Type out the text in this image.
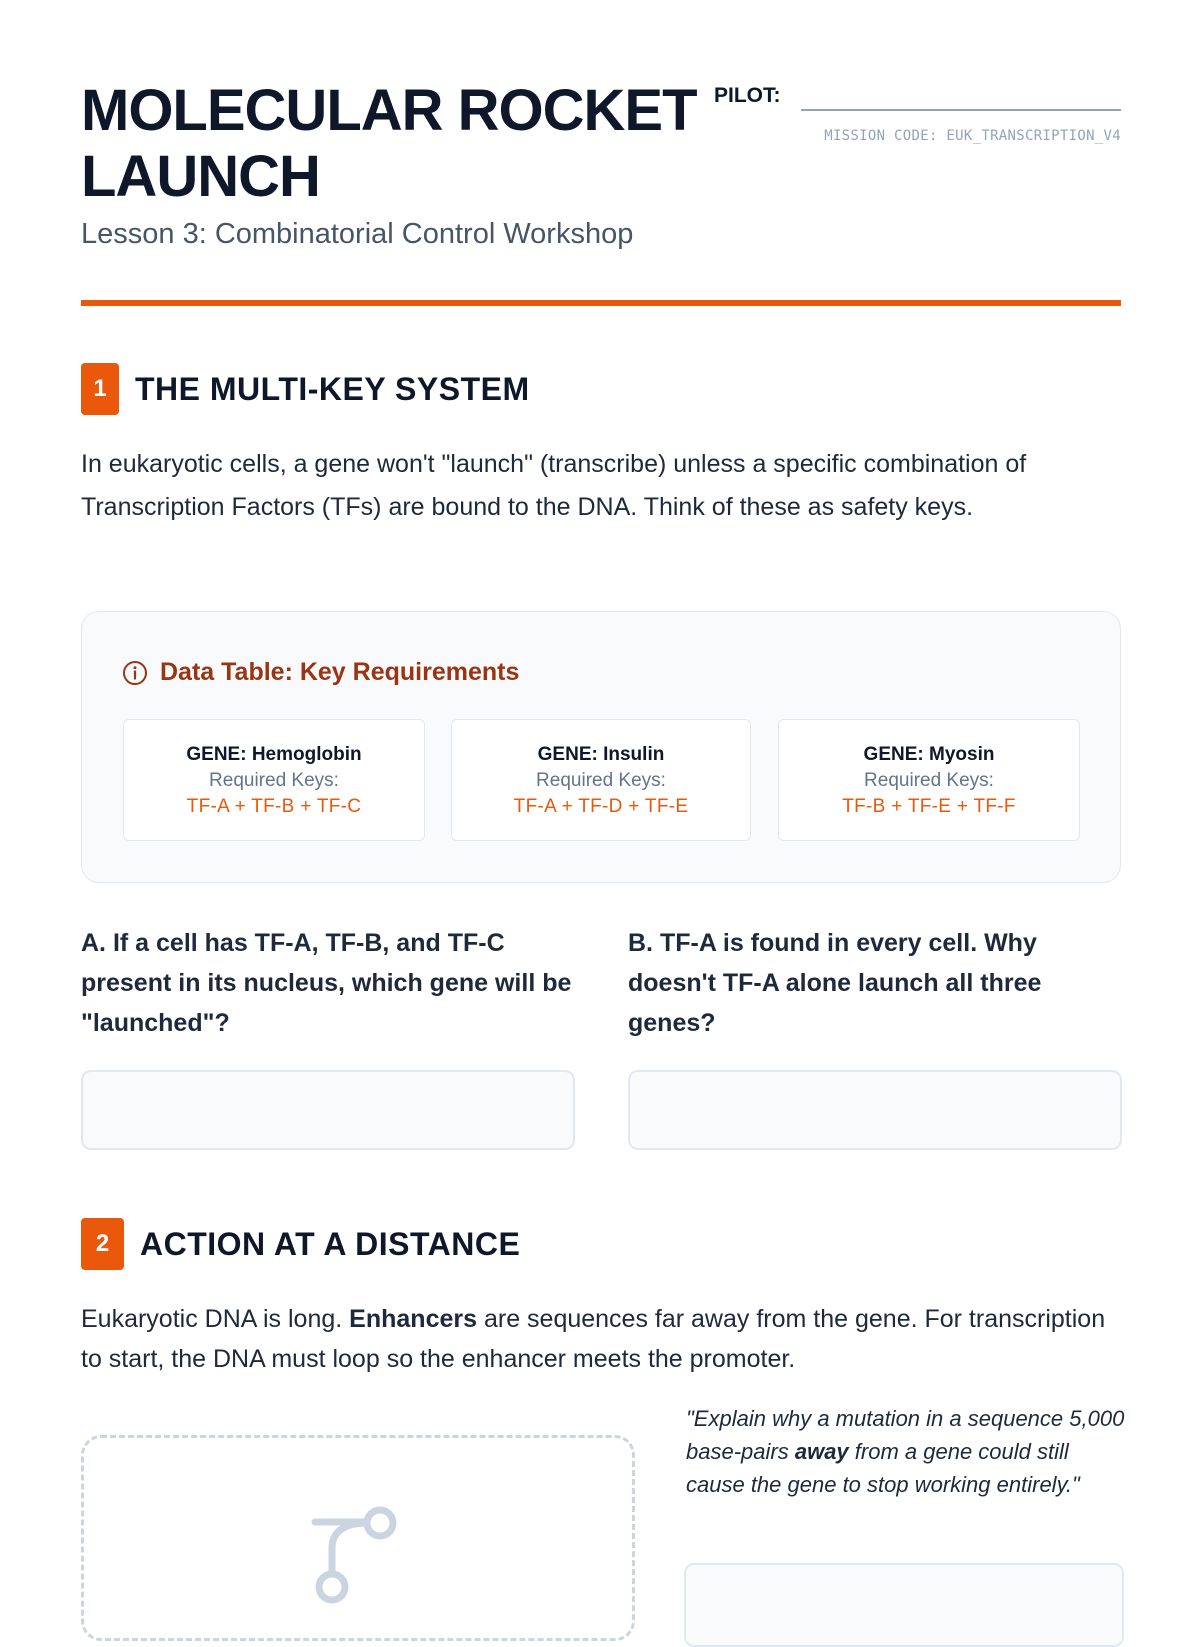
MOLECULAR ROCKET LAUNCH

Lesson 3: Combinatorial Control Workshop

PILOT:
MISSION CODE: EUK_TRANSCRIPTION_V4
1 THE MULTI-KEY SYSTEM

In eukaryotic cells, a gene won't "launch" (transcribe) unless a specific combination of Transcription Factors (TFs) are bound to the DNA. Think of these as safety keys.

Data Table: Key Requirements
GENE: Hemoglobin
Required Keys:
TF-A + TF-B + TF-C
GENE: Insulin
Required Keys:
TF-A + TF-D + TF-E
GENE: Myosin
Required Keys:
TF-B + TF-E + TF-F

A. If a cell has TF-A, TF-B, and TF-C present in its nucleus, which gene will be "launched"?

B. TF-A is found in every cell. Why doesn't TF-A alone launch all three genes?

2 ACTION AT A DISTANCE

Eukaryotic DNA is long. Enhancers are sequences far away from the gene. For transcription to start, the DNA must loop so the enhancer meets the promoter.

"Explain why a mutation in a sequence 5,000 base-pairs away from a gene could still cause the gene to stop working entirely."
